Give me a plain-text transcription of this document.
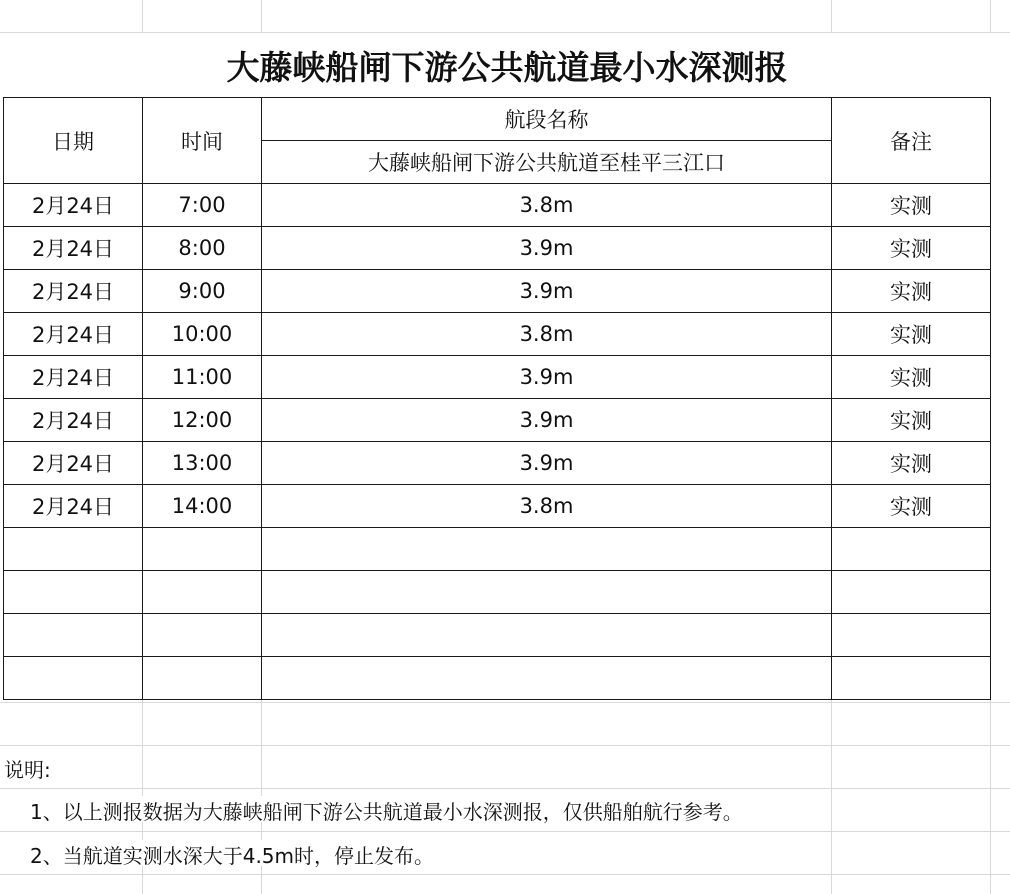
大藤峡船闸下游公共航道最小水深测报
日期	时间	航段名称	备注
		大藤峡船闸下游公共航道至桂平三江口	
2月24日	7:00	3.8m	实测
2月24日	8:00	3.9m	实测
2月24日	9:00	3.9m	实测
2月24日	10:00	3.8m	实测
2月24日	11:00	3.9m	实测
2月24日	12:00	3.9m	实测
2月24日	13:00	3.9m	实测
2月24日	14:00	3.8m	实测

说明:
1、以上测报数据为大藤峡船闸下游公共航道最小水深测报，仅供船舶航行参考。
2、当航道实测水深大于4.5m时，停止发布。
